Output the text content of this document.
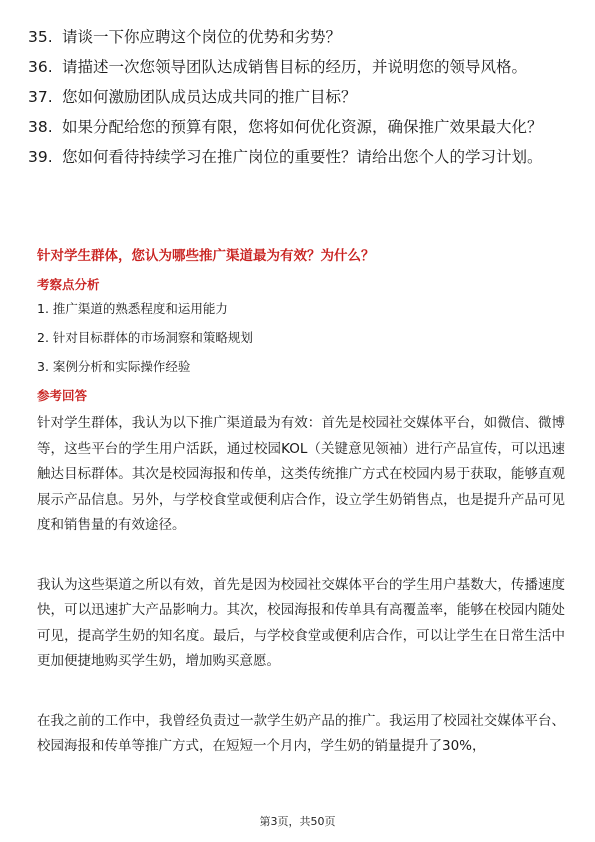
35. 请谈一下你应聘这个岗位的优势和劣势？
36. 请描述一次您领导团队达成销售目标的经历，并说明您的领导风格。
37. 您如何激励团队成员达成共同的推广目标？
38. 如果分配给您的预算有限，您将如何优化资源，确保推广效果最大化？
39. 您如何看待持续学习在推广岗位的重要性？请给出您个人的学习计划。

针对学生群体，您认为哪些推广渠道最为有效？为什么？

考察点分析

1. 推广渠道的熟悉程度和运用能力

2. 针对目标群体的市场洞察和策略规划

3. 案例分析和实际操作经验

参考回答

针对学生群体，我认为以下推广渠道最为有效：首先是校园社交媒体平台，如微信、微博等，这些平台的学生用户活跃，通过校园KOL（关键意见领袖）进行产品宣传，可以迅速触达目标群体。其次是校园海报和传单，这类传统推广方式在校园内易于获取，能够直观展示产品信息。另外，与学校食堂或便利店合作，设立学生奶销售点，也是提升产品可见度和销售量的有效途径。

我认为这些渠道之所以有效，首先是因为校园社交媒体平台的学生用户基数大，传播速度快，可以迅速扩大产品影响力。其次，校园海报和传单具有高覆盖率，能够在校园内随处可见，提高学生奶的知名度。最后，与学校食堂或便利店合作，可以让学生在日常生活中更加便捷地购买学生奶，增加购买意愿。

在我之前的工作中，我曾经负责过一款学生奶产品的推广。我运用了校园社交媒体平台、校园海报和传单等推广方式，在短短一个月内，学生奶的销量提升了30%，

第3页，共50页
